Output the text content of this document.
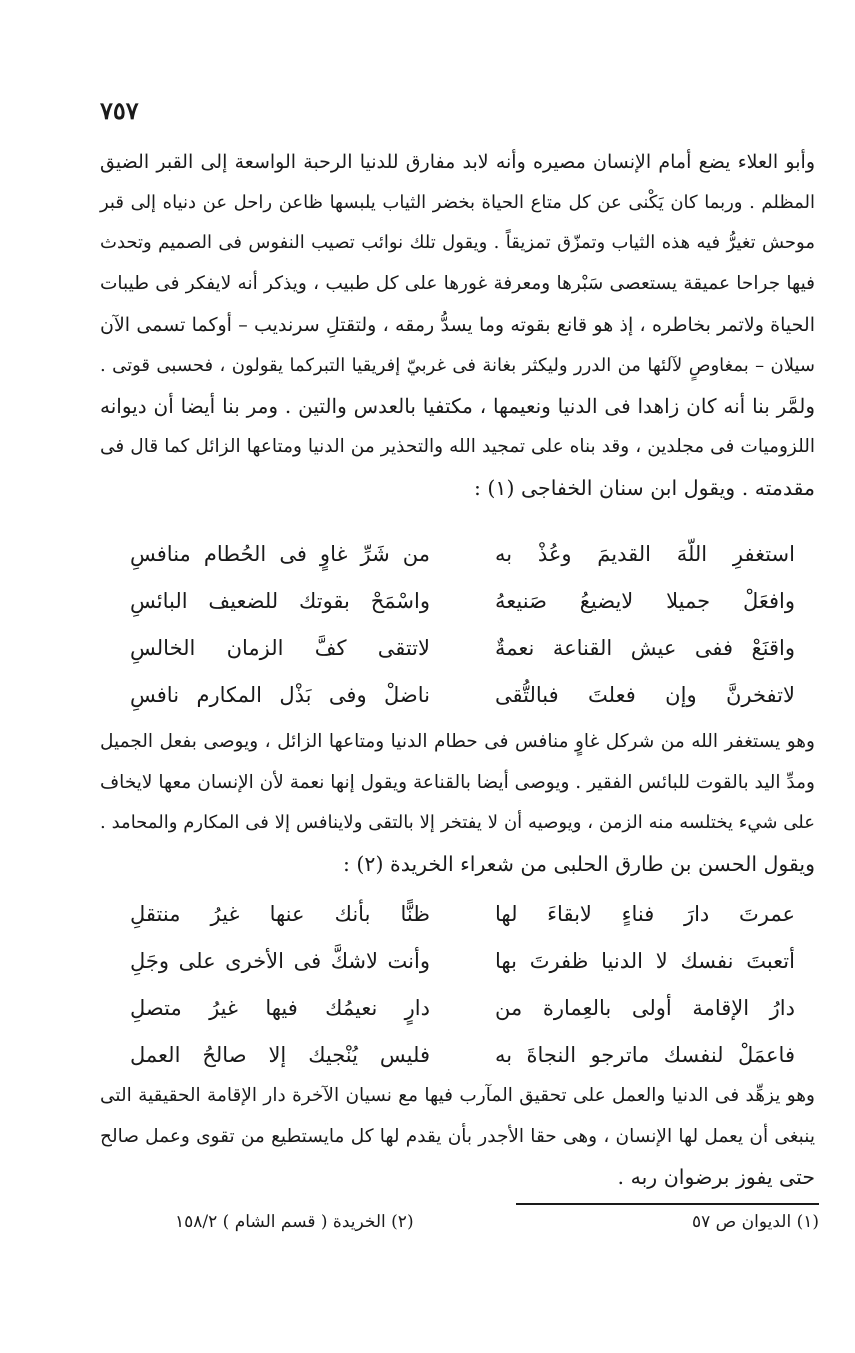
٧٥٧
وأبو العلاء يضع أمام الإنسان مصيره وأنه لابد مفارق للدنيا الرحبة الواسعة إلى القبر الضيق
المظلم . وربما كان يَكْنى عن كل متاع الحياة بخضر الثياب يلبسها ظاعن راحل عن دنياه إلى قبر
موحش تغيرُّ فيه هذه الثياب وتمزّق تمزيقاً . ويقول تلك نوائب تصيب النفوس فى الصميم وتحدث
فيها جراحا عميقة يستعصى سَبْرها ومعرفة غورها على كل طبيب ، ويذكر أنه لايفكر فى طيبات
الحياة ولاتمر بخاطره ، إذ هو قانع بقوته وما يسدُّ رمقه ، ولتقتلِ سرنديب – أوكما تسمى الآن
سيلان – بمغاوصٍ لآلئها من الدرر وليكثر بغانة فى غربيّ إفريقيا التبركما يقولون ، فحسبى قوتى .
ولمَّر بنا أنه كان زاهدا فى الدنيا ونعيمها ، مكتفيا بالعدس والتين . ومر بنا أيضا أن ديوانه
اللزوميات فى مجلدين ، وقد بناه على تمجيد الله والتحذير من الدنيا ومتاعها الزائل كما قال فى
مقدمته . ويقول ابن سنان الخفاجى (١) :
استغفرِ اللّهَ القديمَ وعُذْ به
من شَرِّ غاوٍ فى الحُطام منافسِ
وافعَلْ جميلا لايضيعُ صَنيعهُ
واسْمَحْ بقوتك للضعيف البائسِ
واقنَعْ ففى عيش القناعة نعمةٌ
لاتتقى كفَّ الزمان الخالسِ
لاتفخرنَّ وإن فعلتَ فبالتُّقى
ناضلْ وفى بَذْل المكارم نافسِ
وهو يستغفر الله من شركل غاوٍ منافس فى حطام الدنيا ومتاعها الزائل ، ويوصى بفعل الجميل
ومدِّ اليد بالقوت للبائس الفقير . ويوصى أيضا بالقناعة ويقول إنها نعمة لأن الإنسان معها لايخاف
على شيء يختلسه منه الزمن ، ويوصيه أن لا يفتخر إلا بالتقى ولاينافس إلا فى المكارم والمحامد .
ويقول الحسن بن طارق الحلبى من شعراء الخريدة (٢) :
عمرتَ دارَ فناءٍ لابقاءَ لها
ظنًّا بأنك عنها غيرُ منتقلِ
أتعبتَ نفسك لا الدنيا ظفرتَ بها
وأنت لاشكَّ فى الأخرى على وجَلِ
دارُ الإقامة أولى بالعِمارة من
دارٍ نعيمُك فيها غيرُ متصلِ
فاعمَلْ لنفسك ماترجو النجاةَ به
فليس يُنْجيك إلا صالحُ العمل
وهو يزهِّد فى الدنيا والعمل على تحقيق المآرب فيها مع نسيان الآخرة دار الإقامة الحقيقية التى
ينبغى أن يعمل لها الإنسان ، وهى حقا الأجدر بأن يقدم لها كل مايستطيع من تقوى وعمل صالح
حتى يفوز برضوان ربه .
(١) الديوان ص ٥٧
(٢) الخريدة ( قسم الشام ) ١٥٨/٢
